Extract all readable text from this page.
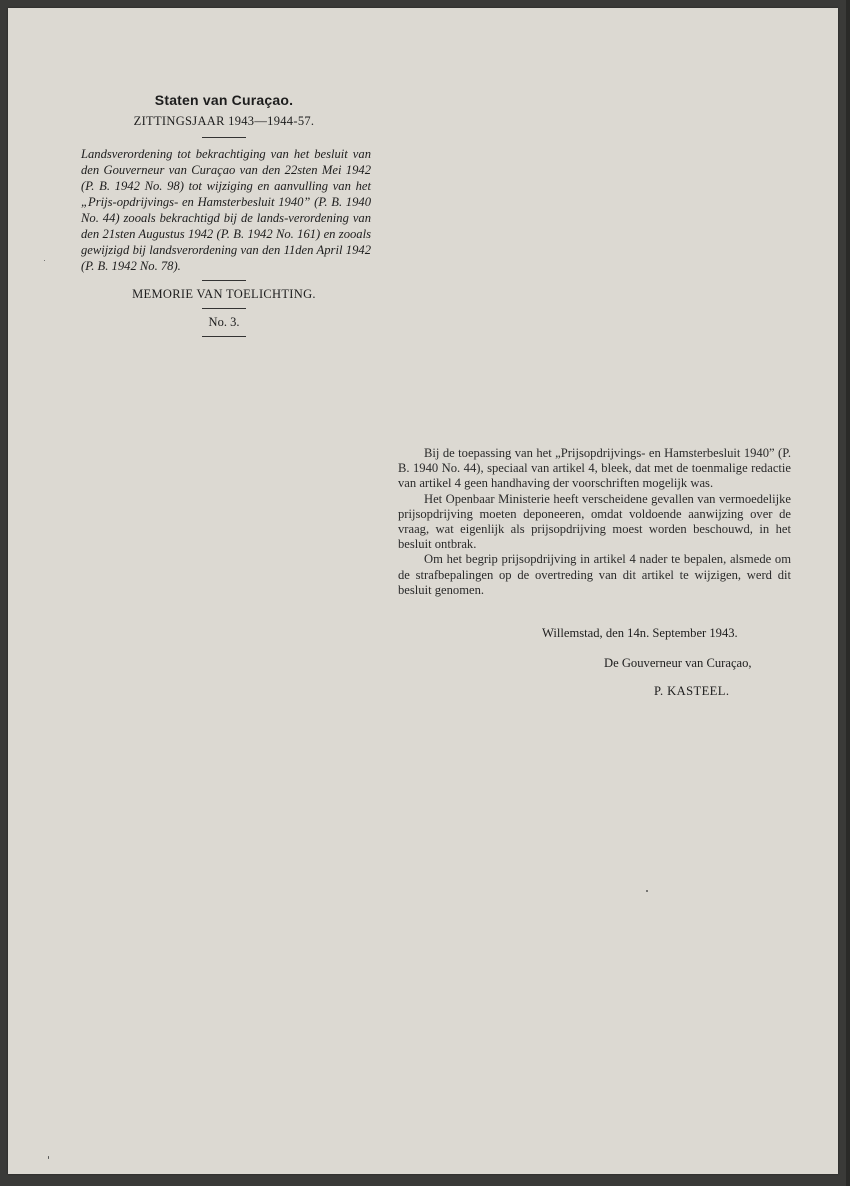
Staten van Curaçao.
ZITTINGSJAAR 1943—1944-57.
Landsverordening tot bekrachtiging van het besluit van den Gouverneur van Curaçao van den 22sten Mei 1942 (P. B. 1942 No. 98) tot wijziging en aanvulling van het „Prijs-opdrijvings- en Hamsterbesluit 1940” (P. B. 1940 No. 44) zooals bekrachtigd bij de lands-verordening van den 21sten Augustus 1942 (P. B. 1942 No. 161) en zooals gewijzigd bij landsverordening van den 11den April 1942 (P. B. 1942 No. 78).
MEMORIE VAN TOELICHTING.
No. 3.

Bij de toepassing van het „Prijsopdrijvings- en Hamsterbesluit 1940” (P. B. 1940 No. 44), speciaal van artikel 4, bleek, dat met de toenmalige redactie van artikel 4 geen handhaving der voorschriften mogelijk was.

Het Openbaar Ministerie heeft verscheidene gevallen van vermoedelijke prijsopdrijving moeten deponeeren, omdat voldoende aanwijzing over de vraag, wat eigenlijk als prijsopdrijving moest worden beschouwd, in het besluit ontbrak.

Om het begrip prijsopdrijving in artikel 4 nader te bepalen, alsmede om de strafbepalingen op de overtreding van dit artikel te wijzigen, werd dit besluit genomen.

Willemstad, den 14n. September 1943.
De Gouverneur van Curaçao,
P. KASTEEL.
